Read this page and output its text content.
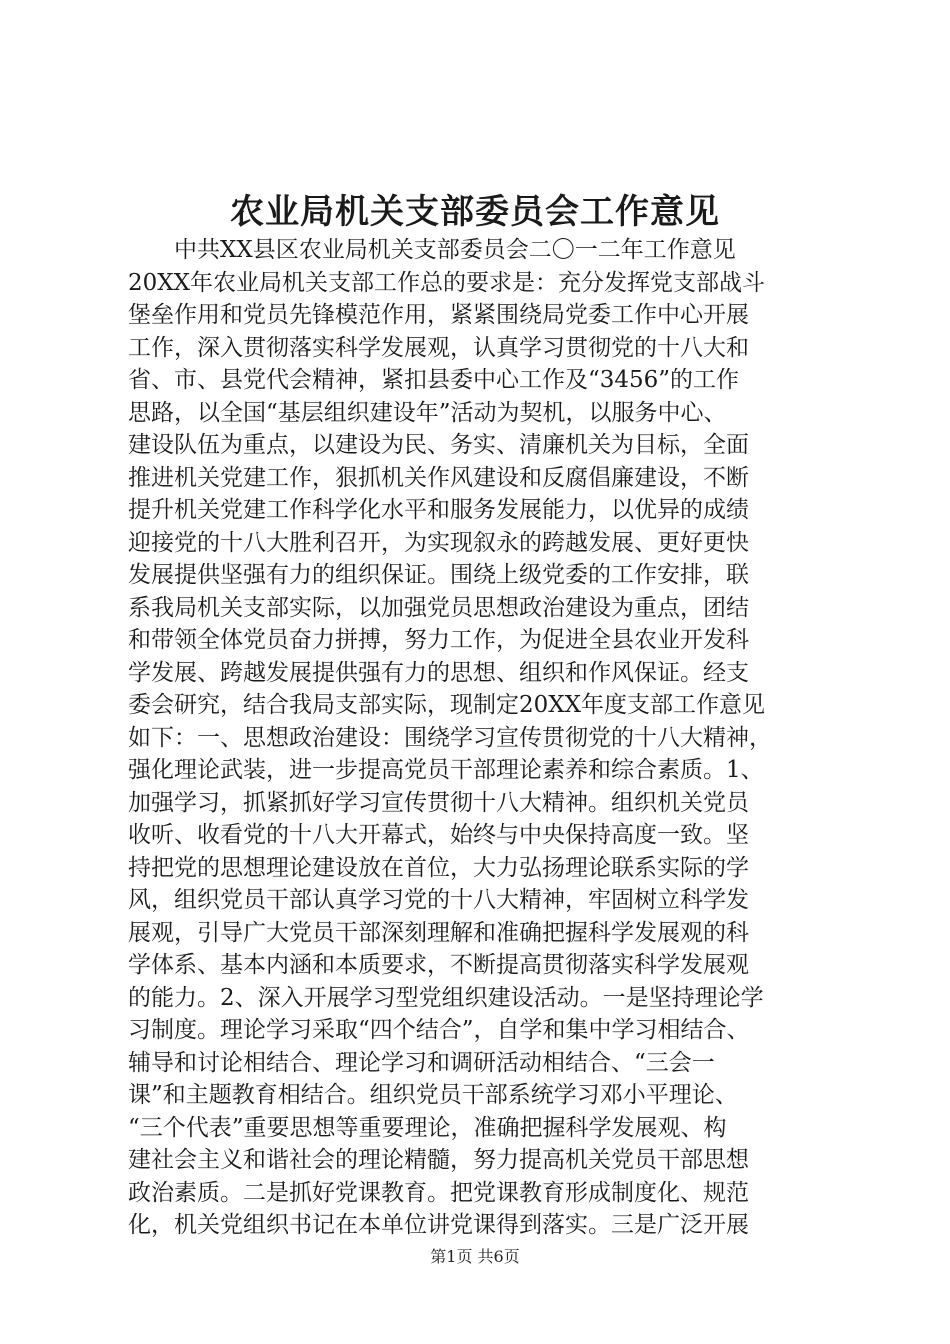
农业局机关支部委员会工作意见
　　中共XX县区农业局机关支部委员会二〇一二年工作意见
20XX年农业局机关支部工作总的要求是：充分发挥党支部战斗
堡垒作用和党员先锋模范作用，紧紧围绕局党委工作中心开展
工作，深入贯彻落实科学发展观，认真学习贯彻党的十八大和
省、市、县党代会精神，紧扣县委中心工作及“3456”的工作
思路，以全国“基层组织建设年”活动为契机，以服务中心、
建设队伍为重点，以建设为民、务实、清廉机关为目标，全面
推进机关党建工作，狠抓机关作风建设和反腐倡廉建设，不断
提升机关党建工作科学化水平和服务发展能力，以优异的成绩
迎接党的十八大胜利召开，为实现叙永的跨越发展、更好更快
发展提供坚强有力的组织保证。围绕上级党委的工作安排，联
系我局机关支部实际，以加强党员思想政治建设为重点，团结
和带领全体党员奋力拼搏，努力工作，为促进全县农业开发科
学发展、跨越发展提供强有力的思想、组织和作风保证。经支
委会研究，结合我局支部实际，现制定20XX年度支部工作意见
如下：一、思想政治建设：围绕学习宣传贯彻党的十八大精神，
强化理论武装，进一步提高党员干部理论素养和综合素质。1、
加强学习，抓紧抓好学习宣传贯彻十八大精神。组织机关党员
收听、收看党的十八大开幕式，始终与中央保持高度一致。坚
持把党的思想理论建设放在首位，大力弘扬理论联系实际的学
风，组织党员干部认真学习党的十八大精神，牢固树立科学发
展观，引导广大党员干部深刻理解和准确把握科学发展观的科
学体系、基本内涵和本质要求，不断提高贯彻落实科学发展观
的能力。2、深入开展学习型党组织建设活动。一是坚持理论学
习制度。理论学习采取“四个结合”，自学和集中学习相结合、
辅导和讨论相结合、理论学习和调研活动相结合、“三会一
课”和主题教育相结合。组织党员干部系统学习邓小平理论、
“三个代表”重要思想等重要理论，准确把握科学发展观、构
建社会主义和谐社会的理论精髓，努力提高机关党员干部思想
政治素质。二是抓好党课教育。把党课教育形成制度化、规范
化，机关党组织书记在本单位讲党课得到落实。三是广泛开展
第1页 共6页
